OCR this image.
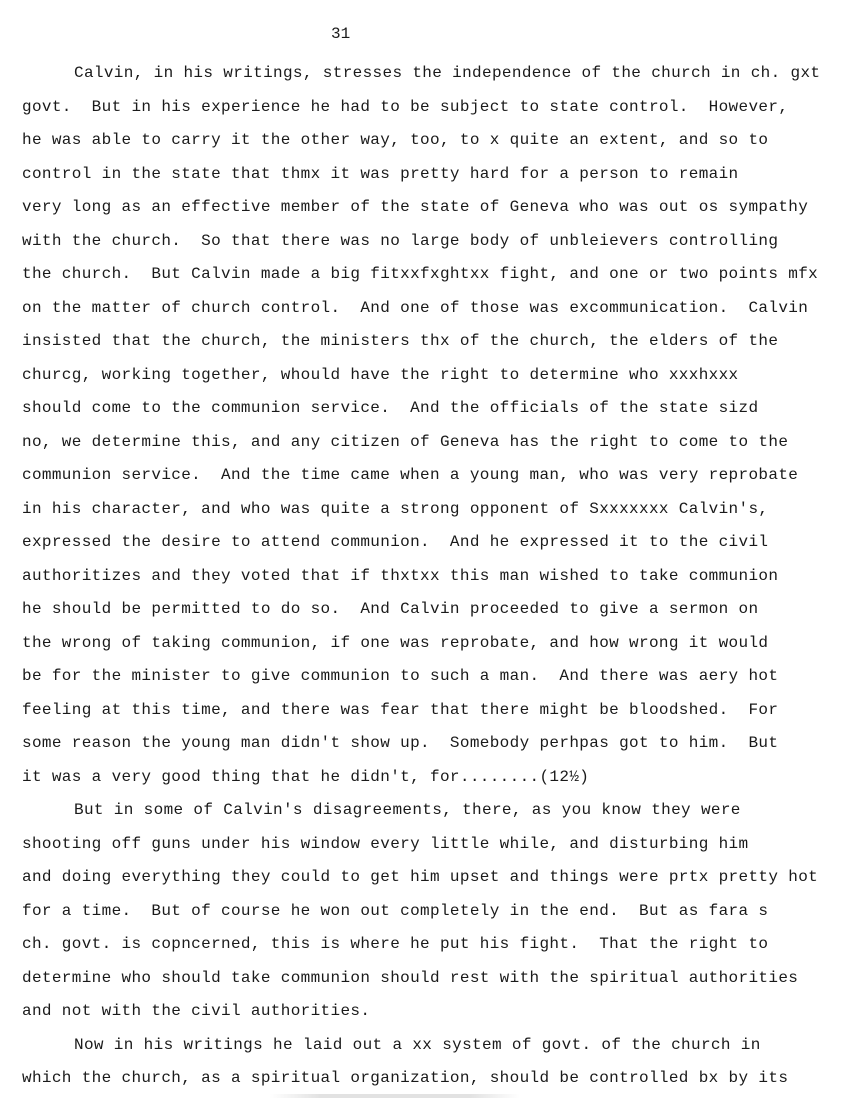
31
Calvin, in his writings, stresses the independence of the church in ch. gxt
govt.  But in his experience he had to be subject to state control.  However,
he was able to carry it the other way, too, to x quite an extent, and so to
control in the state that thmx it was pretty hard for a person to remain
very long as an effective member of the state of Geneva who was out os sympathy
with the church.  So that there was no large body of unbleievers controlling
the church.  But Calvin made a big fitxxfxghtxx fight, and one or two points mfx
on the matter of church control.  And one of those was excommunication.  Calvin
insisted that the church, the ministers thx of the church, the elders of the
churcg, working together, whould have the right to determine who xxxhxxx
should come to the communion service.  And the officials of the state sizd
no, we determine this, and any citizen of Geneva has the right to come to the
communion service.  And the time came when a young man, who was very reprobate
in his character, and who was quite a strong opponent of Sxxxxxxx Calvin's,
expressed the desire to attend communion.  And he expressed it to the civil
authoritizes and they voted that if thxtxx this man wished to take communion
he should be permitted to do so.  And Calvin proceeded to give a sermon on
the wrong of taking communion, if one was reprobate, and how wrong it would
be for the minister to give communion to such a man.  And there was aery hot
feeling at this time, and there was fear that there might be bloodshed.  For
some reason the young man didn't show up.  Somebody perhpas got to him.  But
it was a very good thing that he didn't, for........(12½)
But in some of Calvin's disagreements, there, as you know they were
shooting off guns under his window every little while, and disturbing him
and doing everything they could to get him upset and things were prtx pretty hot
for a time.  But of course he won out completely in the end.  But as fara s
ch. govt. is copncerned, this is where he put his fight.  That the right to
determine who should take communion should rest with the spiritual authorities
and not with the civil authorities.
Now in his writings he laid out a xx system of govt. of the church in
which the church, as a spiritual organization, should be controlled bx by its
